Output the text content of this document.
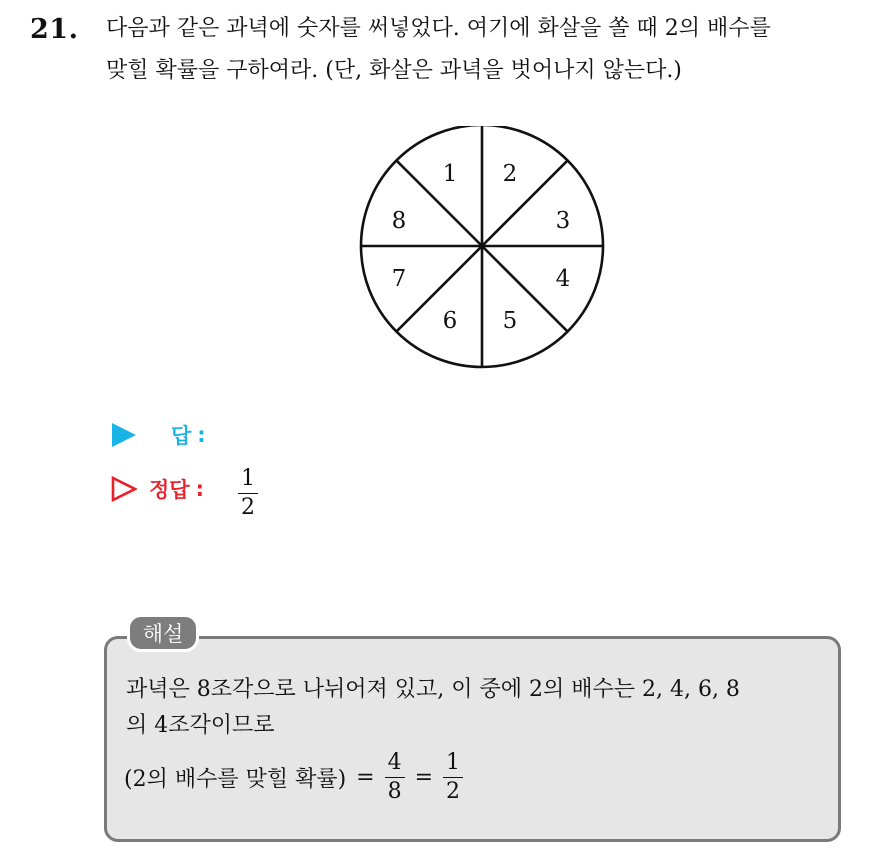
21. 다음과 같은 과녁에 숫자를 써넣었다. 여기에 화살을 쏠 때 2의 배수를
맞힐 확률을 구하여라. (단, 화살은 과녁을 벗어나지 않는다.)
1 2
3
4
5
6
7
8
답 :
정답 : 1
2
해설
과녁은 8조각으로 나뉘어져 있고, 이 중에 2의 배수는 2, 4, 6, 8
의 4조각이므로
(2의 배수를 맞힐 확률) = $\frac{4}{8} = \frac{1}{2}$
